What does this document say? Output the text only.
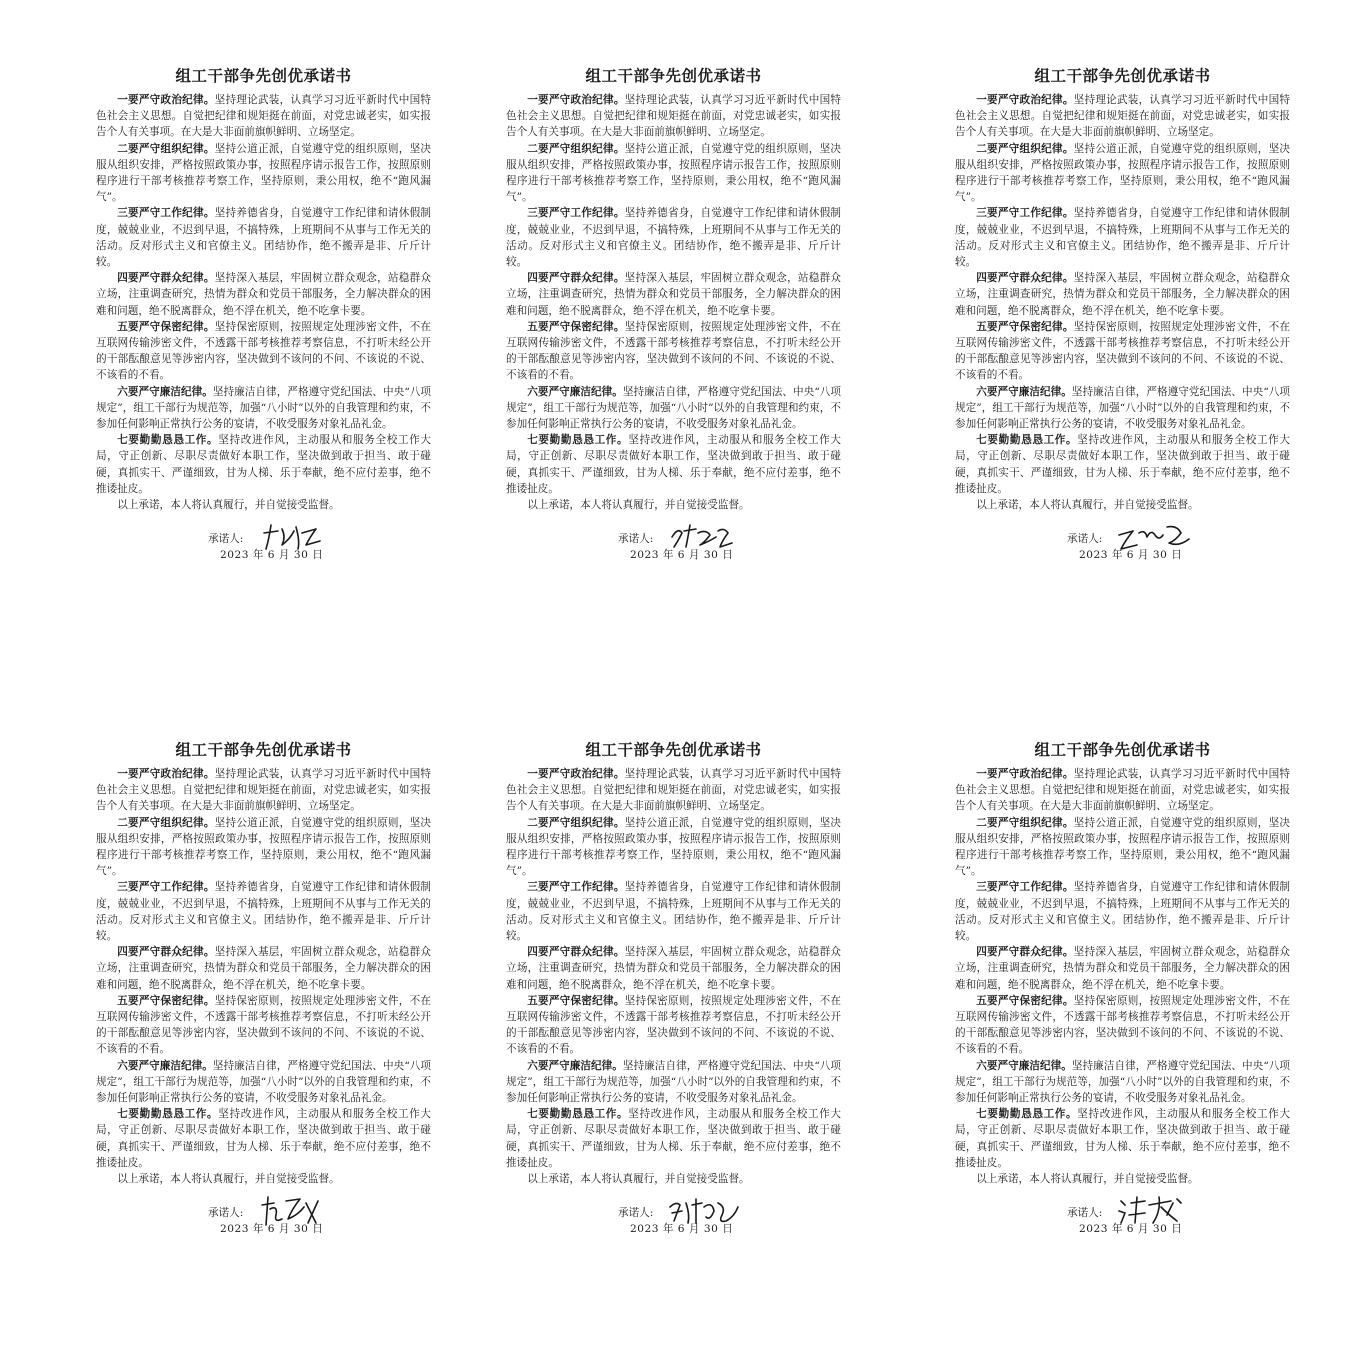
组工干部争先创优承诺书

一要严守政治纪律。坚持理论武装，认真学习习近平新时代中国特色社会主义思想。自觉把纪律和规矩挺在前面，对党忠诚老实，如实报告个人有关事项。在大是大非面前旗帜鲜明、立场坚定。

二要严守组织纪律。坚持公道正派，自觉遵守党的组织原则，坚决服从组织安排，严格按照政策办事，按照程序请示报告工作，按照原则程序进行干部考核推荐考察工作，坚持原则，秉公用权，绝不“跑风漏气”。

三要严守工作纪律。坚持养德省身，自觉遵守工作纪律和请休假制度，兢兢业业，不迟到早退，不搞特殊，上班期间不从事与工作无关的活动。反对形式主义和官僚主义。团结协作，绝不搬弄是非、斤斤计较。

四要严守群众纪律。坚持深入基层，牢固树立群众观念，站稳群众立场，注重调查研究，热情为群众和党员干部服务，全力解决群众的困难和问题，绝不脱离群众，绝不浮在机关，绝不吃拿卡要。

五要严守保密纪律。坚持保密原则，按照规定处理涉密文件，不在互联网传输涉密文件，不透露干部考核推荐考察信息，不打听未经公开的干部酝酿意见等涉密内容，坚决做到不该问的不问、不该说的不说、不该看的不看。

六要严守廉洁纪律。坚持廉洁自律，严格遵守党纪国法、中央“八项规定”，组工干部行为规范等，加强“八小时”以外的自我管理和约束，不参加任何影响正常执行公务的宴请，不收受服务对象礼品礼金。

七要勤勤恳恳工作。坚持改进作风，主动服从和服务全校工作大局，守正创新、尽职尽责做好本职工作，坚决做到敢于担当、敢于碰硬，真抓实干、严谨细致，甘为人梯、乐于奉献，绝不应付差事，绝不推诿扯皮。

以上承诺，本人将认真履行，并自觉接受监督。

承诺人:
2023 年 6 月 30 日
组工干部争先创优承诺书

一要严守政治纪律。坚持理论武装，认真学习习近平新时代中国特色社会主义思想。自觉把纪律和规矩挺在前面，对党忠诚老实，如实报告个人有关事项。在大是大非面前旗帜鲜明、立场坚定。

二要严守组织纪律。坚持公道正派，自觉遵守党的组织原则，坚决服从组织安排，严格按照政策办事，按照程序请示报告工作，按照原则程序进行干部考核推荐考察工作，坚持原则，秉公用权，绝不“跑风漏气”。

三要严守工作纪律。坚持养德省身，自觉遵守工作纪律和请休假制度，兢兢业业，不迟到早退，不搞特殊，上班期间不从事与工作无关的活动。反对形式主义和官僚主义。团结协作，绝不搬弄是非、斤斤计较。

四要严守群众纪律。坚持深入基层，牢固树立群众观念，站稳群众立场，注重调查研究，热情为群众和党员干部服务，全力解决群众的困难和问题，绝不脱离群众，绝不浮在机关，绝不吃拿卡要。

五要严守保密纪律。坚持保密原则，按照规定处理涉密文件，不在互联网传输涉密文件，不透露干部考核推荐考察信息，不打听未经公开的干部酝酿意见等涉密内容，坚决做到不该问的不问、不该说的不说、不该看的不看。

六要严守廉洁纪律。坚持廉洁自律，严格遵守党纪国法、中央“八项规定”，组工干部行为规范等，加强“八小时”以外的自我管理和约束，不参加任何影响正常执行公务的宴请，不收受服务对象礼品礼金。

七要勤勤恳恳工作。坚持改进作风，主动服从和服务全校工作大局，守正创新、尽职尽责做好本职工作，坚决做到敢于担当、敢于碰硬，真抓实干、严谨细致，甘为人梯、乐于奉献，绝不应付差事，绝不推诿扯皮。

以上承诺，本人将认真履行，并自觉接受监督。

承诺人:
2023 年 6 月 30 日
组工干部争先创优承诺书

一要严守政治纪律。坚持理论武装，认真学习习近平新时代中国特色社会主义思想。自觉把纪律和规矩挺在前面，对党忠诚老实，如实报告个人有关事项。在大是大非面前旗帜鲜明、立场坚定。

二要严守组织纪律。坚持公道正派，自觉遵守党的组织原则，坚决服从组织安排，严格按照政策办事，按照程序请示报告工作，按照原则程序进行干部考核推荐考察工作，坚持原则，秉公用权，绝不“跑风漏气”。

三要严守工作纪律。坚持养德省身，自觉遵守工作纪律和请休假制度，兢兢业业，不迟到早退，不搞特殊，上班期间不从事与工作无关的活动。反对形式主义和官僚主义。团结协作，绝不搬弄是非、斤斤计较。

四要严守群众纪律。坚持深入基层，牢固树立群众观念，站稳群众立场，注重调查研究，热情为群众和党员干部服务，全力解决群众的困难和问题，绝不脱离群众，绝不浮在机关，绝不吃拿卡要。

五要严守保密纪律。坚持保密原则，按照规定处理涉密文件，不在互联网传输涉密文件，不透露干部考核推荐考察信息，不打听未经公开的干部酝酿意见等涉密内容，坚决做到不该问的不问、不该说的不说、不该看的不看。

六要严守廉洁纪律。坚持廉洁自律，严格遵守党纪国法、中央“八项规定”，组工干部行为规范等，加强“八小时”以外的自我管理和约束，不参加任何影响正常执行公务的宴请，不收受服务对象礼品礼金。

七要勤勤恳恳工作。坚持改进作风，主动服从和服务全校工作大局，守正创新、尽职尽责做好本职工作，坚决做到敢于担当、敢于碰硬，真抓实干、严谨细致，甘为人梯、乐于奉献，绝不应付差事，绝不推诿扯皮。

以上承诺，本人将认真履行，并自觉接受监督。

承诺人:
2023 年 6 月 30 日
组工干部争先创优承诺书

一要严守政治纪律。坚持理论武装，认真学习习近平新时代中国特色社会主义思想。自觉把纪律和规矩挺在前面，对党忠诚老实，如实报告个人有关事项。在大是大非面前旗帜鲜明、立场坚定。

二要严守组织纪律。坚持公道正派，自觉遵守党的组织原则，坚决服从组织安排，严格按照政策办事，按照程序请示报告工作，按照原则程序进行干部考核推荐考察工作，坚持原则，秉公用权，绝不“跑风漏气”。

三要严守工作纪律。坚持养德省身，自觉遵守工作纪律和请休假制度，兢兢业业，不迟到早退，不搞特殊，上班期间不从事与工作无关的活动。反对形式主义和官僚主义。团结协作，绝不搬弄是非、斤斤计较。

四要严守群众纪律。坚持深入基层，牢固树立群众观念，站稳群众立场，注重调查研究，热情为群众和党员干部服务，全力解决群众的困难和问题，绝不脱离群众，绝不浮在机关，绝不吃拿卡要。

五要严守保密纪律。坚持保密原则，按照规定处理涉密文件，不在互联网传输涉密文件，不透露干部考核推荐考察信息，不打听未经公开的干部酝酿意见等涉密内容，坚决做到不该问的不问、不该说的不说、不该看的不看。

六要严守廉洁纪律。坚持廉洁自律，严格遵守党纪国法、中央“八项规定”，组工干部行为规范等，加强“八小时”以外的自我管理和约束，不参加任何影响正常执行公务的宴请，不收受服务对象礼品礼金。

七要勤勤恳恳工作。坚持改进作风，主动服从和服务全校工作大局，守正创新、尽职尽责做好本职工作，坚决做到敢于担当、敢于碰硬，真抓实干、严谨细致，甘为人梯、乐于奉献，绝不应付差事，绝不推诿扯皮。

以上承诺，本人将认真履行，并自觉接受监督。

承诺人:
2023 年 6 月 30 日
组工干部争先创优承诺书

一要严守政治纪律。坚持理论武装，认真学习习近平新时代中国特色社会主义思想。自觉把纪律和规矩挺在前面，对党忠诚老实，如实报告个人有关事项。在大是大非面前旗帜鲜明、立场坚定。

二要严守组织纪律。坚持公道正派，自觉遵守党的组织原则，坚决服从组织安排，严格按照政策办事，按照程序请示报告工作，按照原则程序进行干部考核推荐考察工作，坚持原则，秉公用权，绝不“跑风漏气”。

三要严守工作纪律。坚持养德省身，自觉遵守工作纪律和请休假制度，兢兢业业，不迟到早退，不搞特殊，上班期间不从事与工作无关的活动。反对形式主义和官僚主义。团结协作，绝不搬弄是非、斤斤计较。

四要严守群众纪律。坚持深入基层，牢固树立群众观念，站稳群众立场，注重调查研究，热情为群众和党员干部服务，全力解决群众的困难和问题，绝不脱离群众，绝不浮在机关，绝不吃拿卡要。

五要严守保密纪律。坚持保密原则，按照规定处理涉密文件，不在互联网传输涉密文件，不透露干部考核推荐考察信息，不打听未经公开的干部酝酿意见等涉密内容，坚决做到不该问的不问、不该说的不说、不该看的不看。

六要严守廉洁纪律。坚持廉洁自律，严格遵守党纪国法、中央“八项规定”，组工干部行为规范等，加强“八小时”以外的自我管理和约束，不参加任何影响正常执行公务的宴请，不收受服务对象礼品礼金。

七要勤勤恳恳工作。坚持改进作风，主动服从和服务全校工作大局，守正创新、尽职尽责做好本职工作，坚决做到敢于担当、敢于碰硬，真抓实干、严谨细致，甘为人梯、乐于奉献，绝不应付差事，绝不推诿扯皮。

以上承诺，本人将认真履行，并自觉接受监督。

承诺人:
2023 年 6 月 30 日
组工干部争先创优承诺书

一要严守政治纪律。坚持理论武装，认真学习习近平新时代中国特色社会主义思想。自觉把纪律和规矩挺在前面，对党忠诚老实，如实报告个人有关事项。在大是大非面前旗帜鲜明、立场坚定。

二要严守组织纪律。坚持公道正派，自觉遵守党的组织原则，坚决服从组织安排，严格按照政策办事，按照程序请示报告工作，按照原则程序进行干部考核推荐考察工作，坚持原则，秉公用权，绝不“跑风漏气”。

三要严守工作纪律。坚持养德省身，自觉遵守工作纪律和请休假制度，兢兢业业，不迟到早退，不搞特殊，上班期间不从事与工作无关的活动。反对形式主义和官僚主义。团结协作，绝不搬弄是非、斤斤计较。

四要严守群众纪律。坚持深入基层，牢固树立群众观念，站稳群众立场，注重调查研究，热情为群众和党员干部服务，全力解决群众的困难和问题，绝不脱离群众，绝不浮在机关，绝不吃拿卡要。

五要严守保密纪律。坚持保密原则，按照规定处理涉密文件，不在互联网传输涉密文件，不透露干部考核推荐考察信息，不打听未经公开的干部酝酿意见等涉密内容，坚决做到不该问的不问、不该说的不说、不该看的不看。

六要严守廉洁纪律。坚持廉洁自律，严格遵守党纪国法、中央“八项规定”，组工干部行为规范等，加强“八小时”以外的自我管理和约束，不参加任何影响正常执行公务的宴请，不收受服务对象礼品礼金。

七要勤勤恳恳工作。坚持改进作风，主动服从和服务全校工作大局，守正创新、尽职尽责做好本职工作，坚决做到敢于担当、敢于碰硬，真抓实干、严谨细致，甘为人梯、乐于奉献，绝不应付差事，绝不推诿扯皮。

以上承诺，本人将认真履行，并自觉接受监督。

承诺人:
2023 年 6 月 30 日
